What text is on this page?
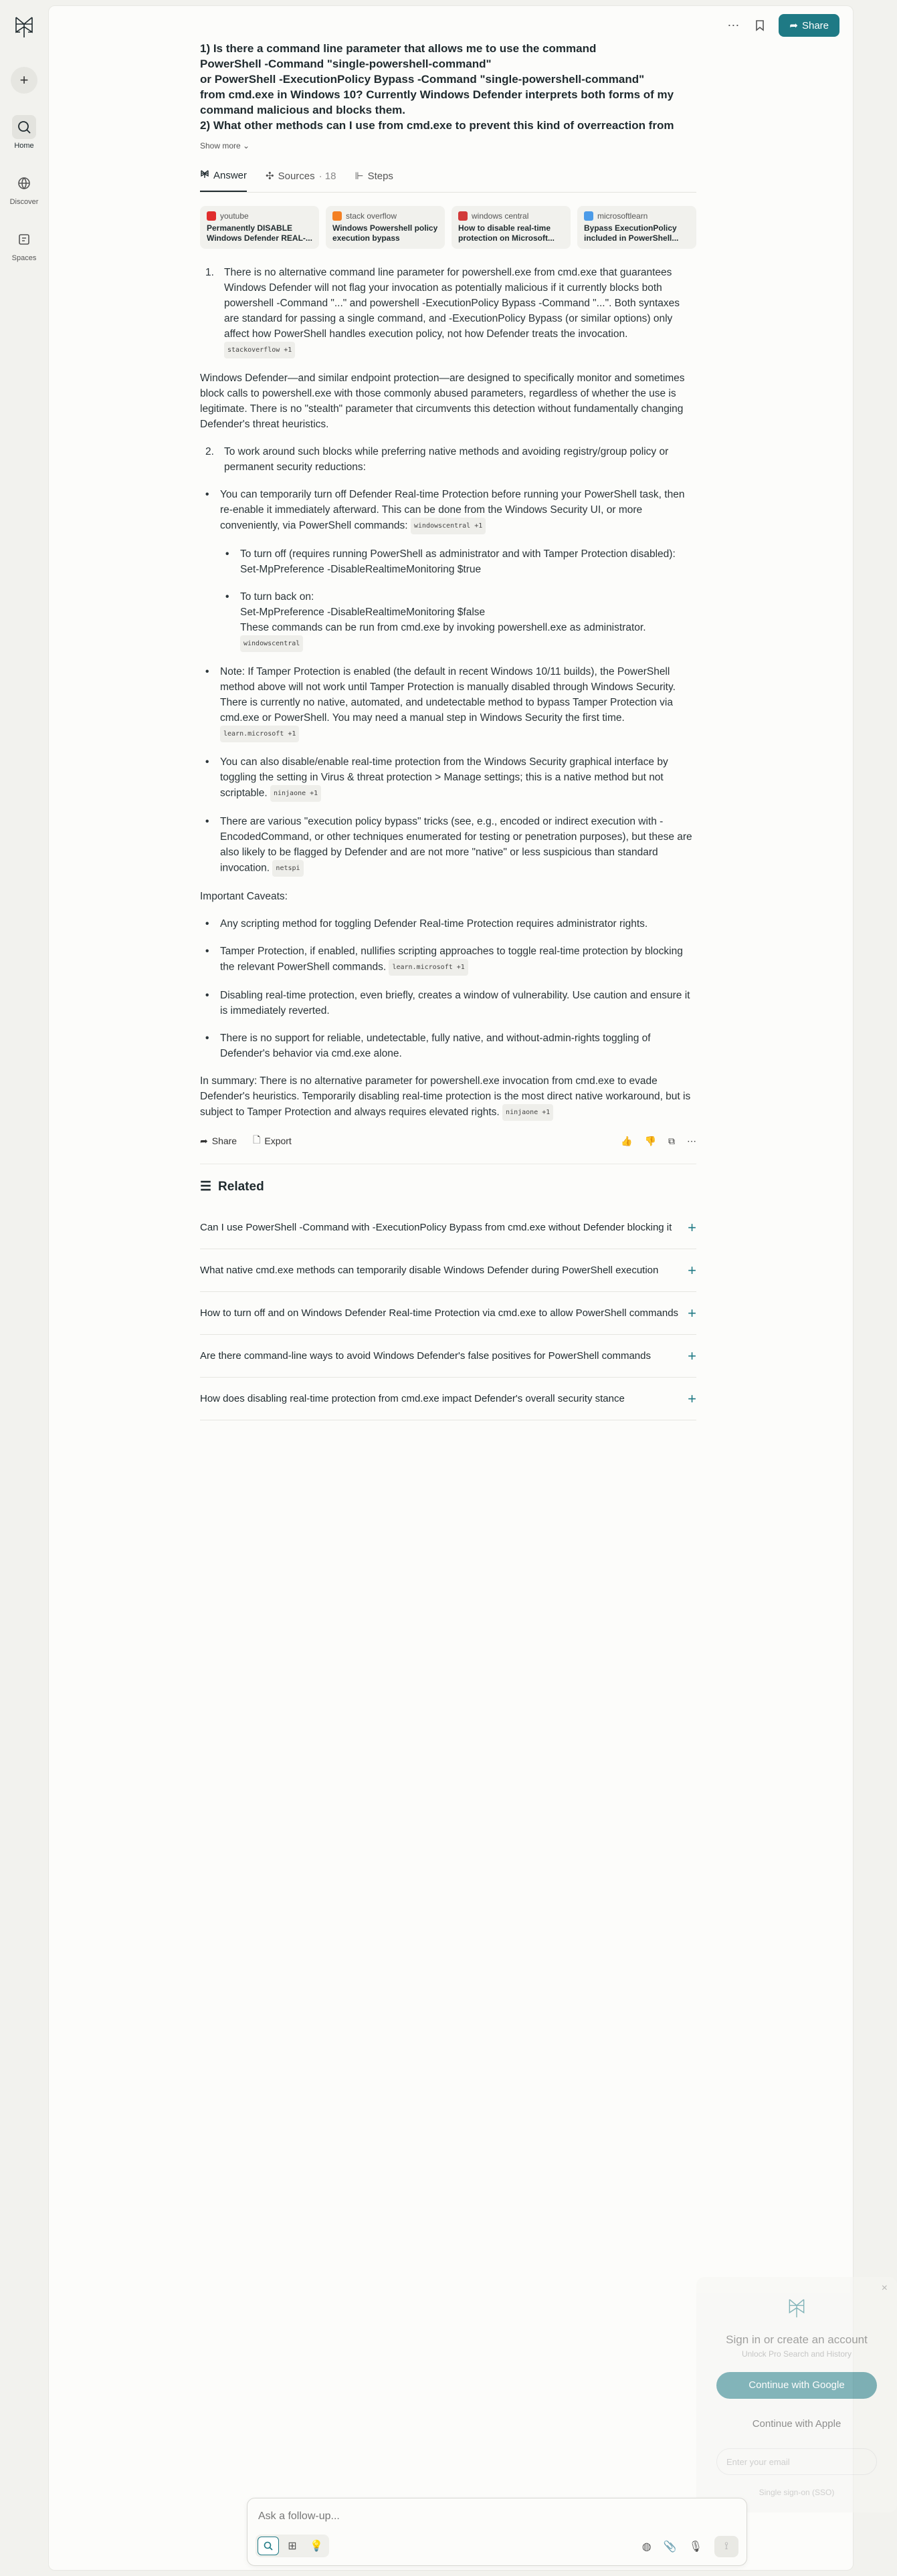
+
Home
Discover
Spaces
⋯	➦ Share
1) Is there a command line parameter that allows me to use the command
PowerShell -Command "single-powershell-command"
or PowerShell -ExecutionPolicy Bypass -Command "single-powershell-command"
from cmd.exe in Windows 10? Currently Windows Defender interprets both forms of my command malicious and blocks them.
2) What other methods can I use from cmd.exe to prevent this kind of overreaction from
Show more ⌄
Answer ✣ Sources · 18 ⊩ Steps
youtube
Permanently DISABLE Windows Defender REAL-...
stack overflow
Windows Powershell policy execution bypass
windows central
How to disable real-time protection on Microsoft...
microsoftlearn
Bypass ExecutionPolicy included in PowerShell...
1. There is no alternative command line parameter for powershell.exe from cmd.exe that guarantees Windows Defender will not flag your invocation as potentially malicious if it currently blocks both powershell -Command "..." and powershell -ExecutionPolicy Bypass -Command "...". Both syntaxes are standard for passing a single command, and -ExecutionPolicy Bypass (or similar options) only affect how PowerShell handles execution policy, not how Defender treats the invocation. stackoverflow +1

Windows Defender—and similar endpoint protection—are designed to specifically monitor and sometimes block calls to powershell.exe with those commonly abused parameters, regardless of whether the use is legitimate. There is no "stealth" parameter that circumvents this detection without fundamentally changing Defender's threat heuristics.

2. To work around such blocks while preferring native methods and avoiding registry/group policy or permanent security reductions:
• You can temporarily turn off Defender Real-time Protection before running your PowerShell task, then re-enable it immediately afterward. This can be done from the Windows Security UI, or more conveniently, via PowerShell commands: windowscentral +1
• To turn off (requires running PowerShell as administrator and with Tamper Protection disabled):
Set-MpPreference -DisableRealtimeMonitoring $true
• To turn back on:
Set-MpPreference -DisableRealtimeMonitoring $false
These commands can be run from cmd.exe by invoking powershell.exe as administrator. windowscentral
• Note: If Tamper Protection is enabled (the default in recent Windows 10/11 builds), the PowerShell method above will not work until Tamper Protection is manually disabled through Windows Security. There is currently no native, automated, and undetectable method to bypass Tamper Protection via cmd.exe or PowerShell. You may need a manual step in Windows Security the first time. learn.microsoft +1
• You can also disable/enable real-time protection from the Windows Security graphical interface by toggling the setting in Virus & threat protection > Manage settings; this is a native method but not scriptable. ninjaone +1
• There are various "execution policy bypass" tricks (see, e.g., encoded or indirect execution with -EncodedCommand, or other techniques enumerated for testing or penetration purposes), but these are also likely to be flagged by Defender and are not more "native" or less suspicious than standard invocation. netspi

Important Caveats:

• Any scripting method for toggling Defender Real-time Protection requires administrator rights.
• Tamper Protection, if enabled, nullifies scripting approaches to toggle real-time protection by blocking the relevant PowerShell commands. learn.microsoft +1
• Disabling real-time protection, even briefly, creates a window of vulnerability. Use caution and ensure it is immediately reverted.
• There is no support for reliable, undetectable, fully native, and without-admin-rights toggling of Defender's behavior via cmd.exe alone.

In summary: There is no alternative parameter for powershell.exe invocation from cmd.exe to evade Defender's heuristics. Temporarily disabling real-time protection is the most direct native workaround, but is subject to Tamper Protection and always requires elevated rights. ninjaone +1

➦ Share 🗋 Export	👍 👎 ⧉ ⋯
☰ Related
Can I use PowerShell -Command with -ExecutionPolicy Bypass from cmd.exe without Defender blocking it +
What native cmd.exe methods can temporarily disable Windows Defender during PowerShell execution +
How to turn off and on Windows Defender Real-time Protection via cmd.exe to allow PowerShell commands +
Are there command-line ways to avoid Windows Defender's false positives for PowerShell commands	+
How does disabling real-time protection from cmd.exe impact Defender's overall security stance	+
×
Sign in or create an account
Unlock Pro Search and History
Continue with Google
Continue with Apple
Enter your email
Single sign-on (SSO)
Ask a follow-up...
⊞	💡	◍ 📎 🎙 ⟟
